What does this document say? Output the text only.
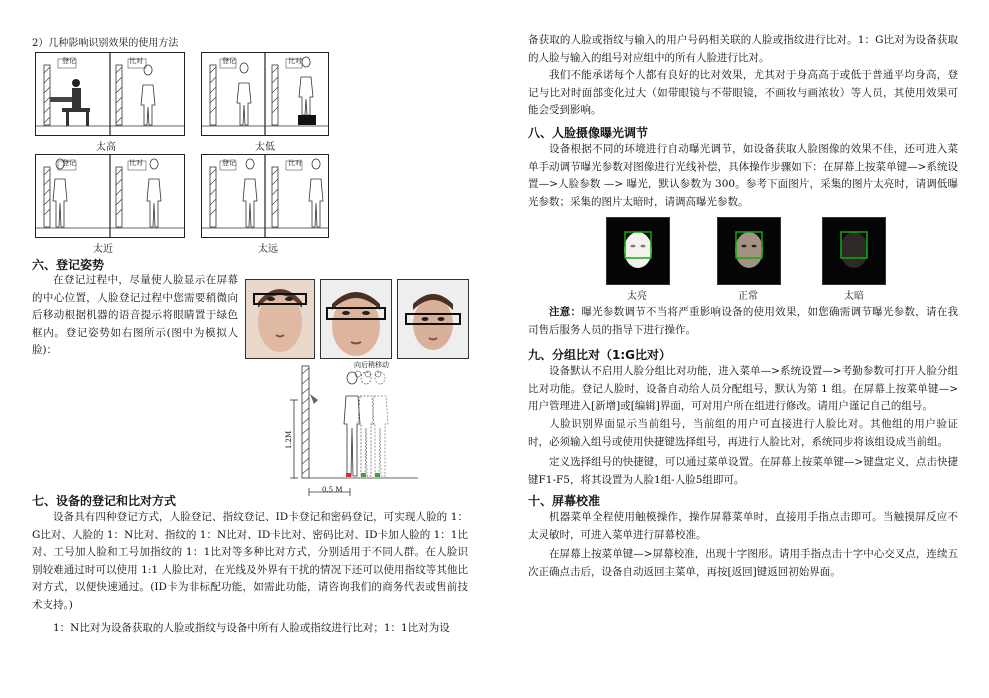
2）几种影响识别效果的使用方法
太高	太低
太近	太远
六、登记姿势

在登记过程中，尽量使人脸显示在屏幕的中心位置，人脸登记过程中您需要稍微向后移动根据机器的语音提示将眼睛置于绿色框内。登记姿势如右图所示(图中为模拟人脸)：

向后稍移动
1.2M
0.5 M
七、设备的登记和比对方式

设备具有四种登记方式，人脸登记、指纹登记、ID卡登记和密码登记，可实现人脸的 1：G比对、人脸的 1：N比对、指纹的 1：N比对、ID卡比对、密码比对、ID卡加人脸的 1：1比对、工号加人脸和工号加指纹的 1：1比对等多种比对方式，分别适用于不同人群。在人脸识别较难通过时可以使用 1:1 人脸比对，在光线及外界有干扰的情况下还可以使用指纹等其他比对方式，以便快速通过。(ID卡为非标配功能，如需此功能，请咨询我们的商务代表或售前技术支持。)

1：N比对为设备获取的人脸或指纹与设备中所有人脸或指纹进行比对；1：1比对为设

备获取的人脸或指纹与输入的用户号码相关联的人脸或指纹进行比对。1：G比对为设备获取的人脸与输入的组号对应组中的所有人脸进行比对。

我们不能承诺每个人都有良好的比对效果，尤其对于身高高于或低于普通平均身高，登记与比对时面部变化过大（如带眼镜与不带眼镜，不画妆与画浓妆）等人员，其使用效果可能会受到影响。

八、人脸摄像曝光调节

设备根据不同的环境进行自动曝光调节，如设备获取人脸图像的效果不佳，还可进入菜单手动调节曝光参数对图像进行光线补偿，具体操作步骤如下：在屏幕上按菜单键—>系统设置—>人脸参数 —> 曝光，默认参数为 300。参考下面图片，采集的图片太亮时，请调低曝光参数；采集的图片太暗时，请调高曝光参数。

太亮	正常	太暗

注意：曝光参数调节不当将严重影响设备的使用效果，如您确需调节曝光参数，请在我司售后服务人员的指导下进行操作。

九、分组比对（1:G比对）

设备默认不启用人脸分组比对功能，进入菜单—>系统设置—>考勤参数可打开人脸分组比对功能。登记人脸时，设备自动给人员分配组号，默认为第 1 组。在屏幕上按菜单键—>用户管理进入[新增]或[编辑]界面，可对用户所在组进行修改。请用户谨记自己的组号。

人脸识别界面显示当前组号，当前组的用户可直接进行人脸比对。其他组的用户验证时，必须输入组号或使用快捷键选择组号，再进行人脸比对，系统同步将该组设成当前组。

定义选择组号的快捷键，可以通过菜单设置。在屏幕上按菜单键—>键盘定义，点击快捷键F1-F5，将其设置为人脸1组-人脸5组即可。

十、屏幕校准

机器菜单全程使用触模操作，操作屏幕菜单时，直接用手指点击即可。当触摸屏反应不太灵敏时，可进入菜单进行屏幕校准。

在屏幕上按菜单键—>屏幕校准，出现十字图形。请用手指点击十字中心交叉点，连续五次正确点击后，设备自动返回主菜单，再按[返回]键返回初始界面。

登记	比对	登记	比对
登记	比对	登记	比对
